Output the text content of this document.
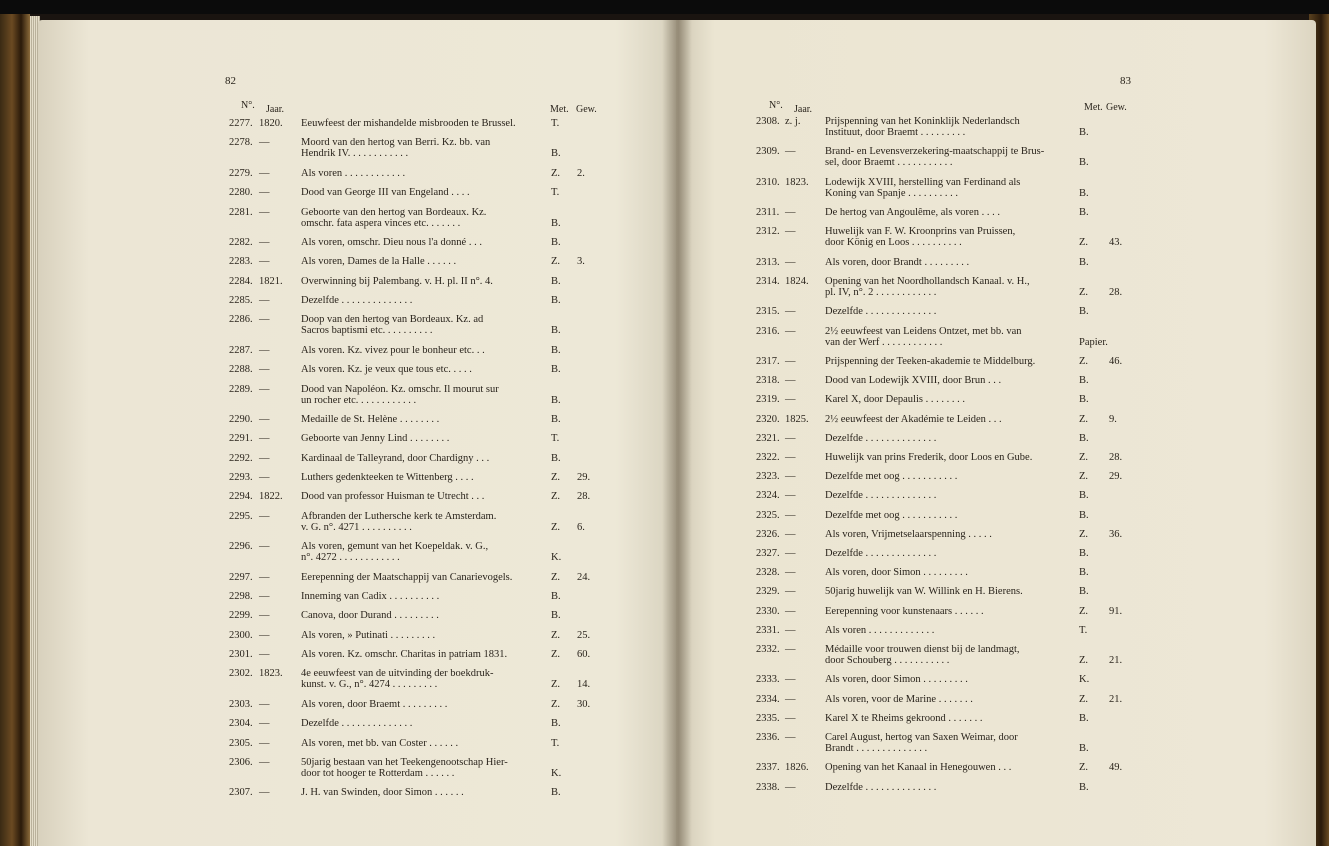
82
N°. Jaar.	Met. Gew.
2277. 1820. Eeuwfeest der mishandelde misbrooden te Brussel.	T.
2278. —	Moord van den hertog van Berri. Kz. bb. van
Hendrik IV. . . . . . . . . . . .	B.
2279. —	Als voren . . . . . . . . . . . .	Z. 2.
2280. —	Dood van George III van Engeland . . . .	T.
2281. —	Geboorte van den hertog van Bordeaux. Kz.
omschr. fata aspera vinces etc. . . . . . .	B.
2282. —	Als voren, omschr. Dieu nous l'a donné . . .	B.
2283. —	Als voren, Dames de la Halle . . . . . .	Z. 3.
2284. 1821. Overwinning bij Palembang. v. H. pl. II n°. 4.	B.
2285. —	Dezelfde . . . . . . . . . . . . . .	B.
2286. —	Doop van den hertog van Bordeaux. Kz. ad
Sacros baptismi etc. . . . . . . . . .	B.
2287. —	Als voren. Kz. vivez pour le bonheur etc. . .	B.
2288. —	Als voren. Kz. je veux que tous etc. . . . .	B.
2289. —	Dood van Napoléon. Kz. omschr. Il mourut sur
un rocher etc. . . . . . . . . . . .	B.
2290. —	Medaille de St. Helène . . . . . . . .	B.
2291. —	Geboorte van Jenny Lind . . . . . . . .	T.
2292. —	Kardinaal de Talleyrand, door Chardigny . . .	B.
2293. —	Luthers gedenkteeken te Wittenberg . . . .	Z. 29.
2294. 1822. Dood van professor Huisman te Utrecht . . .	Z. 28.
2295. —	Afbranden der Luthersche kerk te Amsterdam.
v. G. n°. 4271 . . . . . . . . . .	Z. 6.
2296. —	Als voren, gemunt van het Koepeldak. v. G.,
n°. 4272 . . . . . . . . . . . .	K.
2297. —	Eerepenning der Maatschappij van Canarievogels.	Z. 24.
2298. —	Inneming van Cadix . . . . . . . . . .	B.
2299. —	Canova, door Durand . . . . . . . . .	B.
2300. —	Als voren, » Putinati . . . . . . . . .	Z. 25.
2301. —	Als voren. Kz. omschr. Charitas in patriam 1831.	Z. 60.
2302. 1823. 4e eeuwfeest van de uitvinding der boekdruk-
kunst. v. G., n°. 4274 . . . . . . . . .	Z. 14.
2303. —	Als voren, door Braemt . . . . . . . . .	Z. 30.
2304. —	Dezelfde . . . . . . . . . . . . . .	B.
2305. —	Als voren, met bb. van Coster . . . . . .	T.
2306. —	50jarig bestaan van het Teekengenootschap Hier-
door tot hooger te Rotterdam . . . . . .	K.
2307. —	J. H. van Swinden, door Simon . . . . . .	B.
83
N°. Jaar.	Met. Gew.
2308. z. j. Prijspenning van het Koninklijk Nederlandsch
Instituut, door Braemt . . . . . . . . .	B.
2309. —	Brand- en Levensverzekering-maatschappij te Brus-
sel, door Braemt . . . . . . . . . . .	B.
2310. 1823. Lodewijk XVIII, herstelling van Ferdinand als
Koning van Spanje . . . . . . . . . .	B.
2311. —	De hertog van Angoulême, als voren . . . .	B.
2312. —	Huwelijk van F. W. Kroonprins van Pruissen,
door König en Loos . . . . . . . . . .	Z. 43.
2313. —	Als voren, door Brandt . . . . . . . . .	B.
2314. 1824. Opening van het Noordhollandsch Kanaal. v. H.,
pl. IV, n°. 2 . . . . . . . . . . . .	Z. 28.
2315. —	Dezelfde . . . . . . . . . . . . . .	B.
2316. —	2½ eeuwfeest van Leidens Ontzet, met bb. van
van der Werf . . . . . . . . . . . .	Papier.
2317. —	Prijspenning der Teeken-akademie te Middelburg.	Z. 46.
2318. —	Dood van Lodewijk XVIII, door Brun . . .	B.
2319. —	Karel X, door Depaulis . . . . . . . .	B.
2320. 1825. 2½ eeuwfeest der Akadémie te Leiden . . .	Z. 9.
2321. —	Dezelfde . . . . . . . . . . . . . .	B.
2322. —	Huwelijk van prins Frederik, door Loos en Gube.	Z. 28.
2323. —	Dezelfde met oog . . . . . . . . . . .	Z. 29.
2324. —	Dezelfde . . . . . . . . . . . . . .	B.
2325. —	Dezelfde met oog . . . . . . . . . . .	B.
2326. —	Als voren, Vrijmetselaarspenning . . . . .	Z. 36.
2327. —	Dezelfde . . . . . . . . . . . . . .	B.
2328. —	Als voren, door Simon . . . . . . . . .	B.
2329. —	50jarig huwelijk van W. Willink en H. Bierens.	B.
2330. —	Eerepenning voor kunstenaars . . . . . .	Z. 91.
2331. —	Als voren . . . . . . . . . . . . .	T.
2332. —	Médaille voor trouwen dienst bij de landmagt,
door Schouberg . . . . . . . . . . .	Z. 21.
2333. —	Als voren, door Simon . . . . . . . . .	K.
2334. —	Als voren, voor de Marine . . . . . . .	Z. 21.
2335. —	Karel X te Rheims gekroond . . . . . . .	B.
2336. —	Carel August, hertog van Saxen Weimar, door
Brandt . . . . . . . . . . . . . .	B.
2337. 1826. Opening van het Kanaal in Henegouwen . . .	Z. 49.
2338. —	Dezelfde . . . . . . . . . . . . . .	B.
